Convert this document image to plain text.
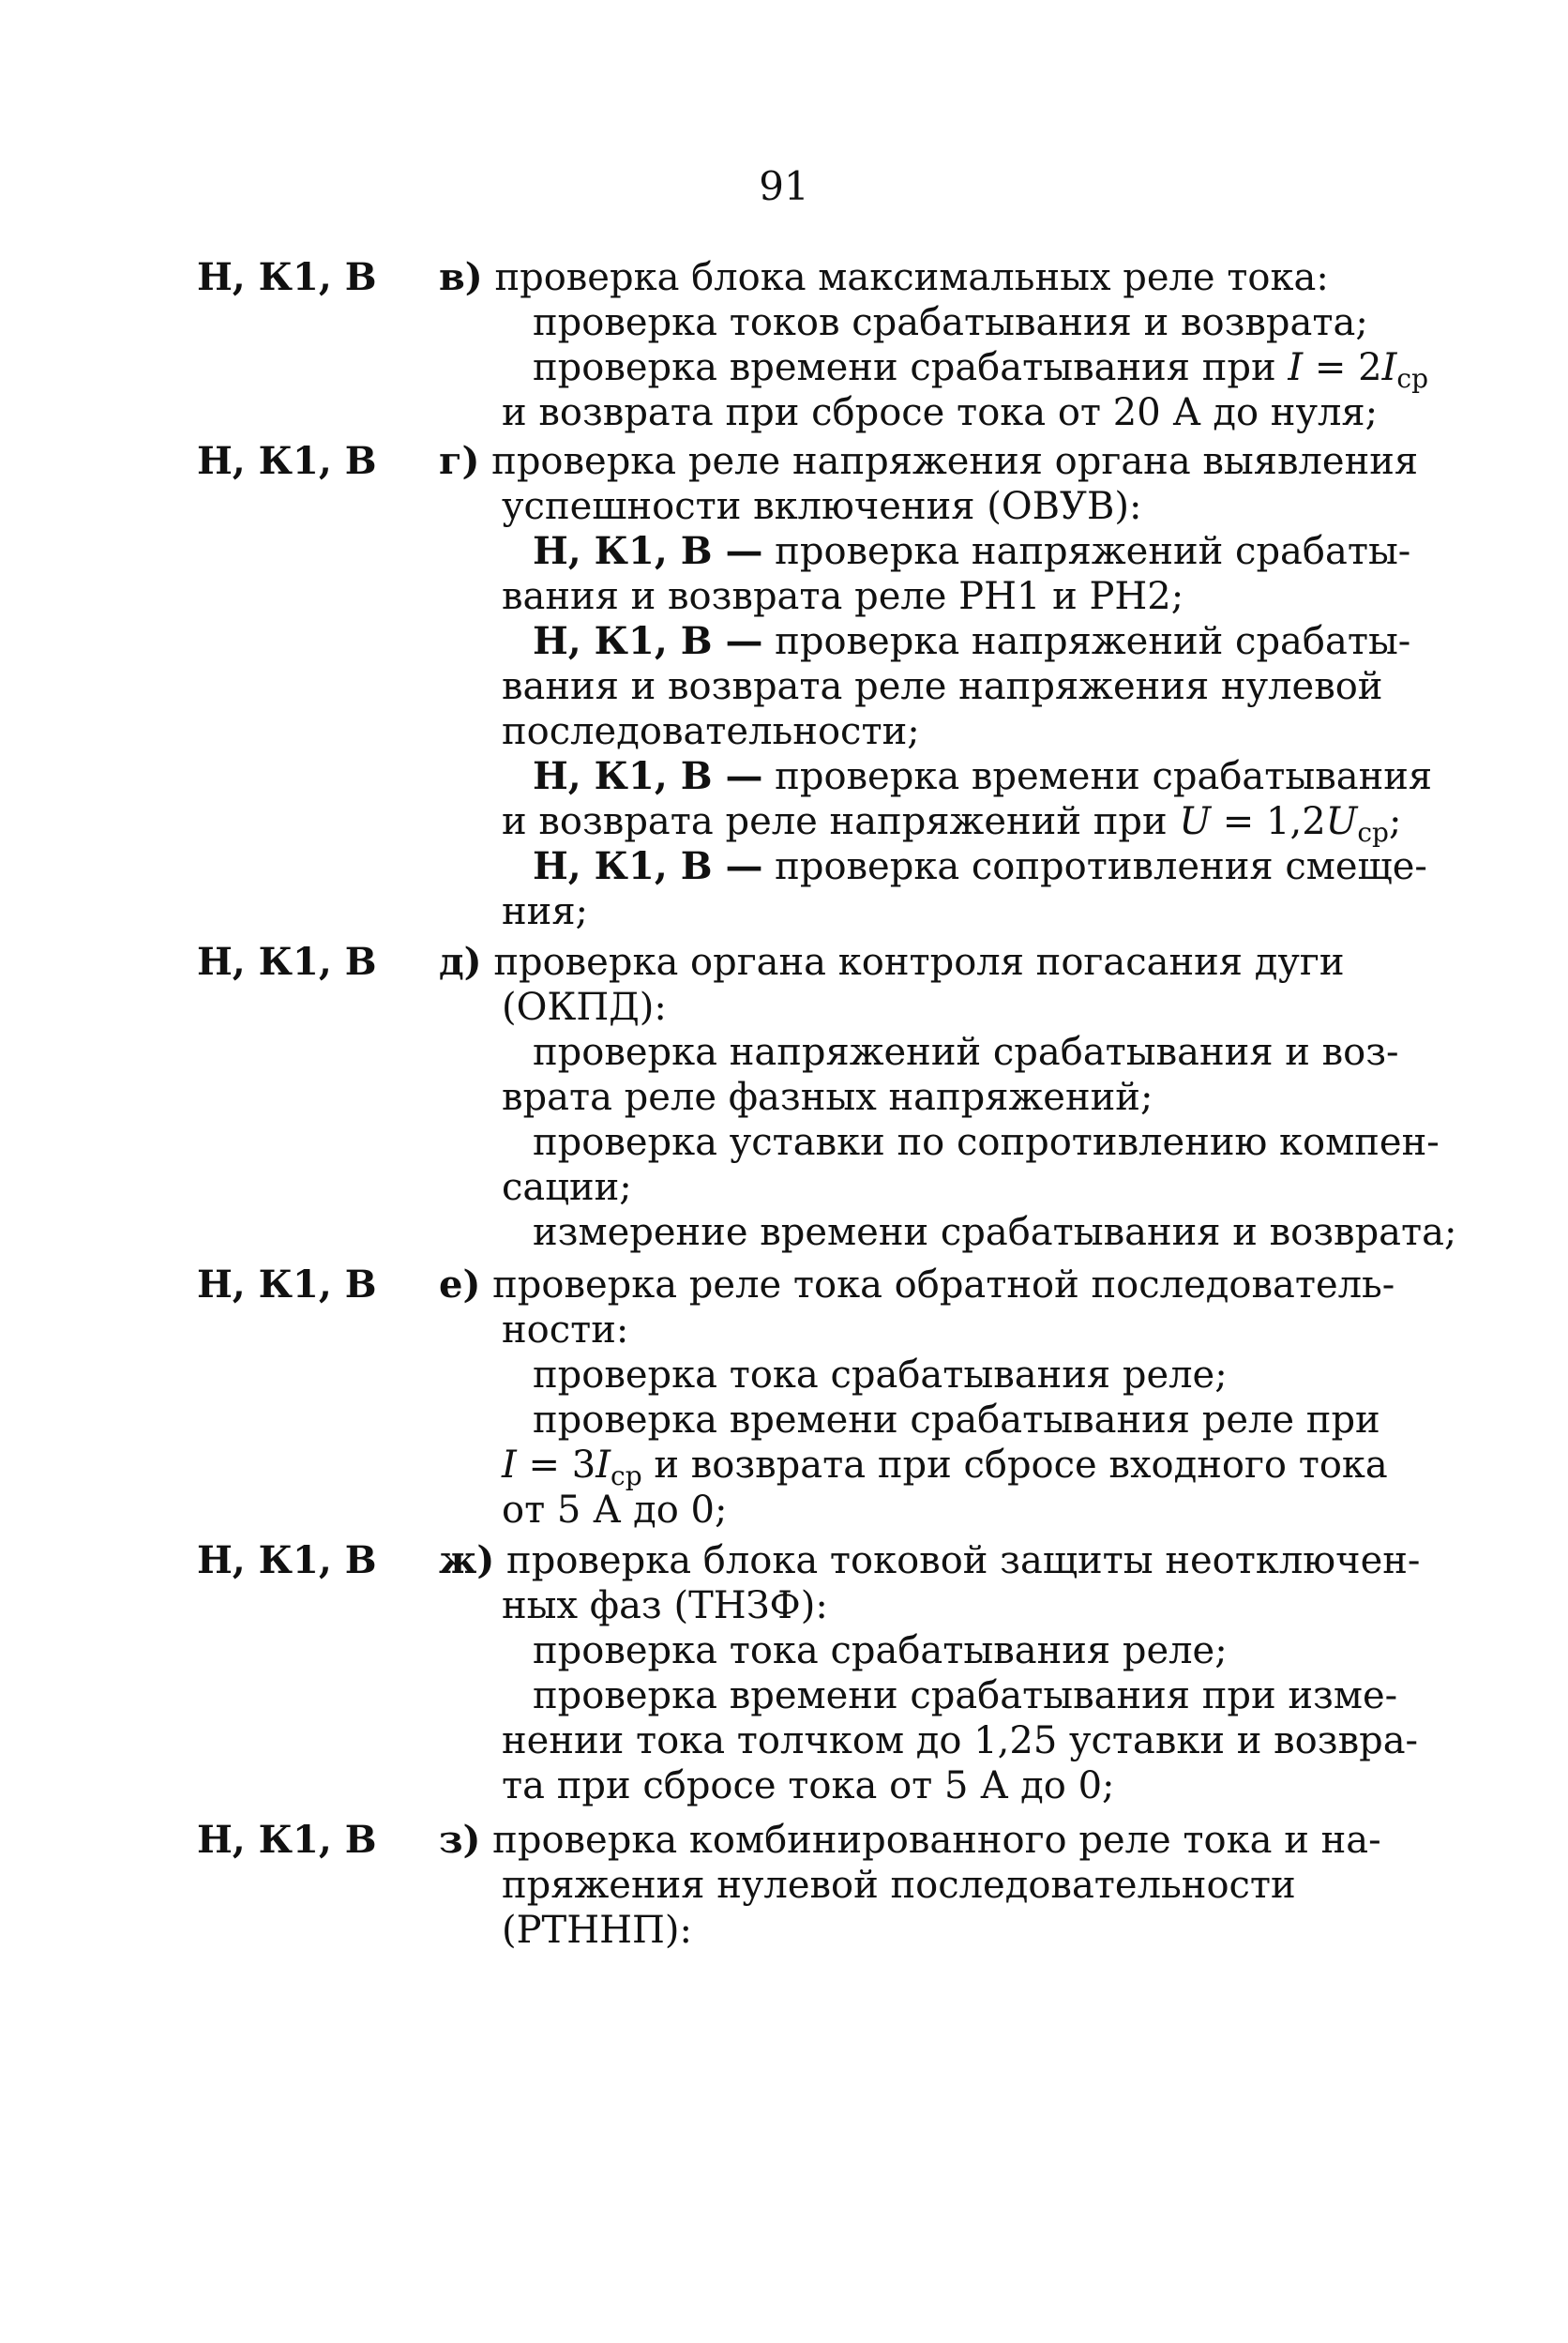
91
Н, К1, В	в) проверка блока максимальных реле тока:
проверка токов срабатывания и возврата;
проверка времени срабатывания при $I = 2I_{ср}$
и возврата при сбросе тока от 20 А до нуля;
Н, К1, В	г) проверка реле напряжения органа выявления
успешности включения (ОВУВ):
Н, К1, В — проверка напряжений срабаты-
вания и возврата реле РН1 и РН2;
Н, К1, В — проверка напряжений срабаты-
вания и возврата реле напряжения нулевой
последовательности;
Н, К1, В — проверка времени срабатывания
и возврата реле напряжений при $U = 1,2U_{ср}$;
Н, К1, В — проверка сопротивления смеще-
ния;
Н, К1, В	д) проверка органа контроля погасания дуги
(ОКПД):
проверка напряжений срабатывания и воз-
врата реле фазных напряжений;
проверка уставки по сопротивлению компен-
сации;
измерение времени срабатывания и возврата;
Н, К1, В	е) проверка реле тока обратной последователь-
ности:
проверка тока срабатывания реле;
проверка времени срабатывания реле при
$I = 3I_{ср}$ и возврата при сбросе входного тока
от 5 А до 0;
Н, К1, В	ж) проверка блока токовой защиты неотключен-
ных фаз (ТНЗФ):
проверка тока срабатывания реле;
проверка времени срабатывания при изме-
нении тока толчком до 1,25 уставки и возвра-
та при сбросе тока от 5 А до 0;
Н, К1, В	з) проверка комбинированного реле тока и на-
пряжения нулевой последовательности
(РТННП):
